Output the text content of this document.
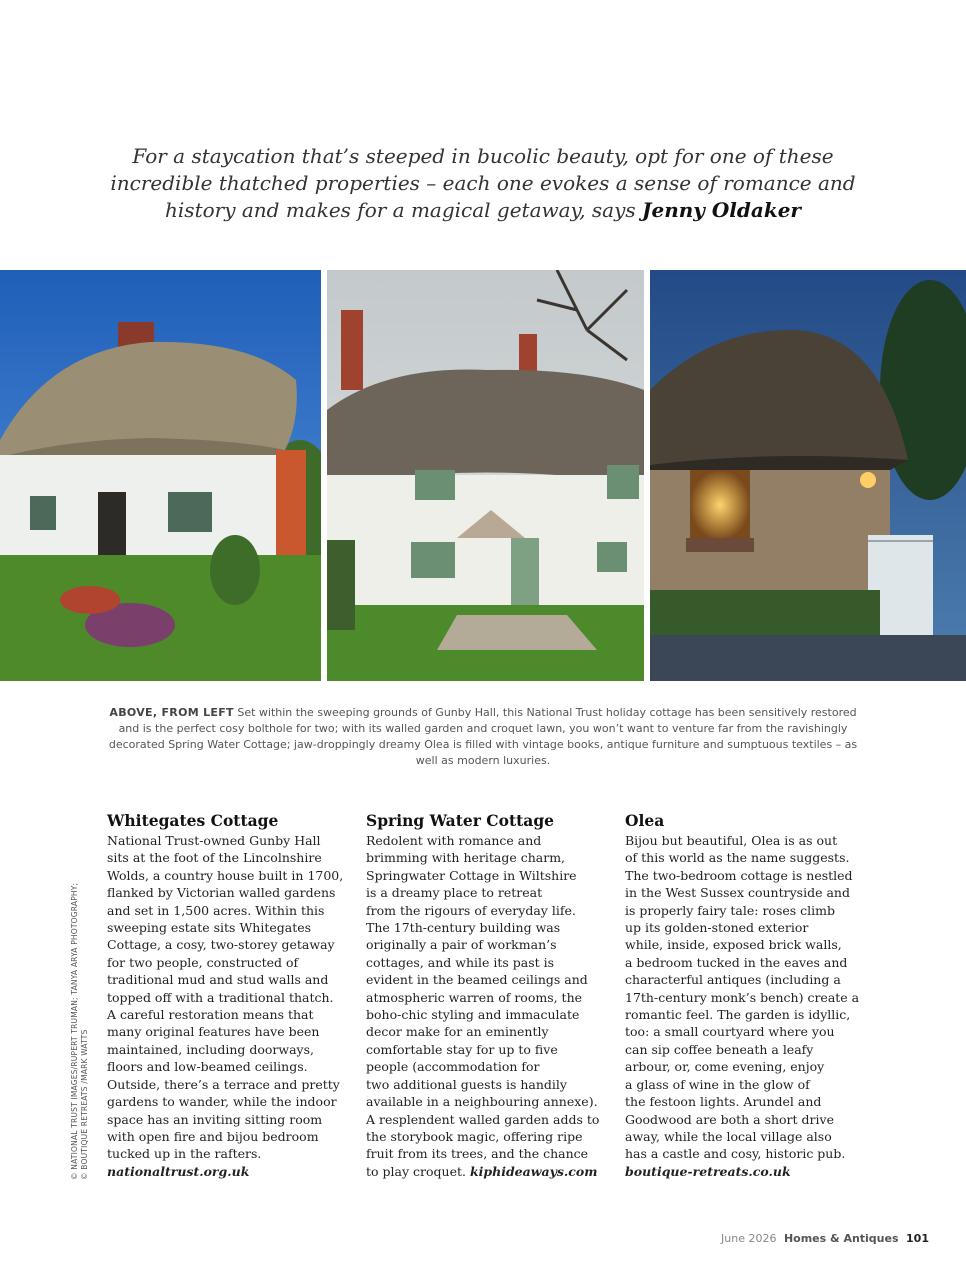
For a staycation that’s steeped in bucolic beauty, opt for one of these
incredible thatched properties – each one evokes a sense of romance and
history and makes for a magical getaway, says Jenny Oldaker
ABOVE, FROM LEFT Set within the sweeping grounds of Gunby Hall, this National Trust holiday cottage has been sensitively restored and is the perfect cosy bolthole for two; with its walled garden and croquet lawn, you won’t want to venture far from the ravishingly decorated Spring Water Cottage; jaw-droppingly dreamy Olea is filled with vintage books, antique furniture and sumptuous textiles – as well as modern luxuries.
© NATIONAL TRUST IMAGES/RUPERT TRUMAN; TANYA ARYA PHOTOGRAPHY; © BOUTIQUE RETREATS /MARK WATTS
Whitegates Cottage
National Trust-owned Gunby Hall
sits at the foot of the Lincolnshire
Wolds, a country house built in 1700,
flanked by Victorian walled gardens
and set in 1,500 acres. Within this
sweeping estate sits Whitegates
Cottage, a cosy, two-storey getaway
for two people, constructed of
traditional mud and stud walls and
topped off with a traditional thatch.
A careful restoration means that
many original features have been
maintained, including doorways,
floors and low-beamed ceilings.
Outside, there’s a terrace and pretty
gardens to wander, while the indoor
space has an inviting sitting room
with open fire and bijou bedroom
tucked up in the rafters.
nationaltrust.org.uk
Spring Water Cottage
Redolent with romance and
brimming with heritage charm,
Springwater Cottage in Wiltshire
is a dreamy place to retreat
from the rigours of everyday life.
The 17th-century building was
originally a pair of workman’s
cottages, and while its past is
evident in the beamed ceilings and
atmospheric warren of rooms, the
boho-chic styling and immaculate
decor make for an eminently
comfortable stay for up to five
people (accommodation for
two additional guests is handily
available in a neighbouring annexe).
A resplendent walled garden adds to
the storybook magic, offering ripe
fruit from its trees, and the chance
to play croquet. kiphideaways.com
Olea
Bijou but beautiful, Olea is as out
of this world as the name suggests.
The two-bedroom cottage is nestled
in the West Sussex countryside and
is properly fairy tale: roses climb
up its golden-stoned exterior
while, inside, exposed brick walls,
a bedroom tucked in the eaves and
characterful antiques (including a
17th-century monk’s bench) create a
romantic feel. The garden is idyllic,
too: a small courtyard where you
can sip coffee beneath a leafy
arbour, or, come evening, enjoy
a glass of wine in the glow of
the festoon lights. Arundel and
Goodwood are both a short drive
away, while the local village also
has a castle and cosy, historic pub.
boutique-retreats.co.uk
June 2026 Homes & Antiques 101
